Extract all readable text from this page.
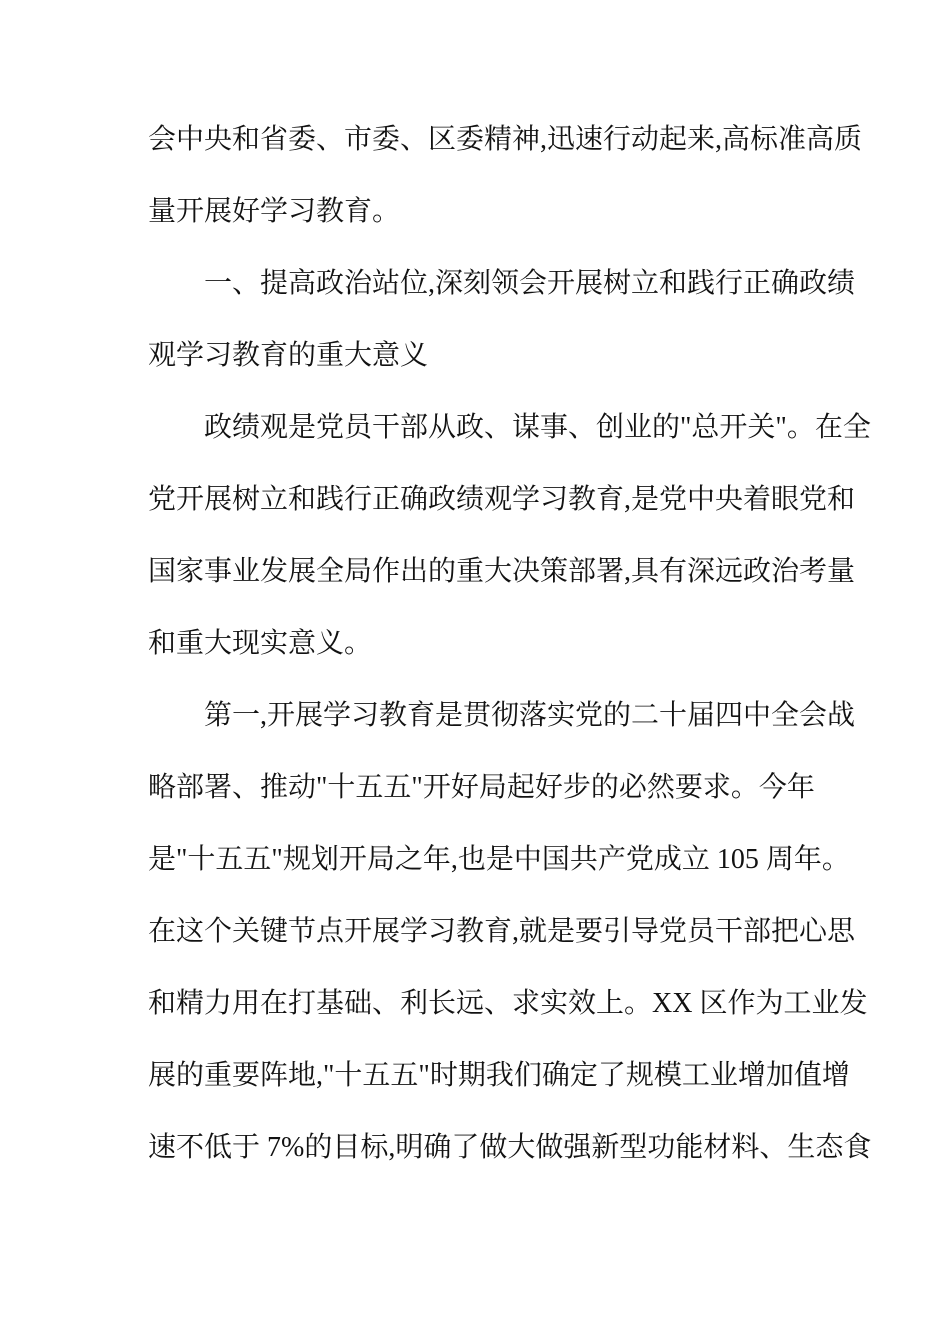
会中央和省委、市委、区委精神,迅速行动起来,高标准高质
量开展好学习教育。
一、提高政治站位,深刻领会开展树立和践行正确政绩
观学习教育的重大意义
政绩观是党员干部从政、谋事、创业的"总开关"。在全
党开展树立和践行正确政绩观学习教育,是党中央着眼党和
国家事业发展全局作出的重大决策部署,具有深远政治考量
和重大现实意义。
第一,开展学习教育是贯彻落实党的二十届四中全会战
略部署、推动"十五五"开好局起好步的必然要求。今年
是"十五五"规划开局之年,也是中国共产党成立 105 周年。
在这个关键节点开展学习教育,就是要引导党员干部把心思
和精力用在打基础、利长远、求实效上。XX 区作为工业发
展的重要阵地,"十五五"时期我们确定了规模工业增加值增
速不低于 7%的目标,明确了做大做强新型功能材料、生态食
